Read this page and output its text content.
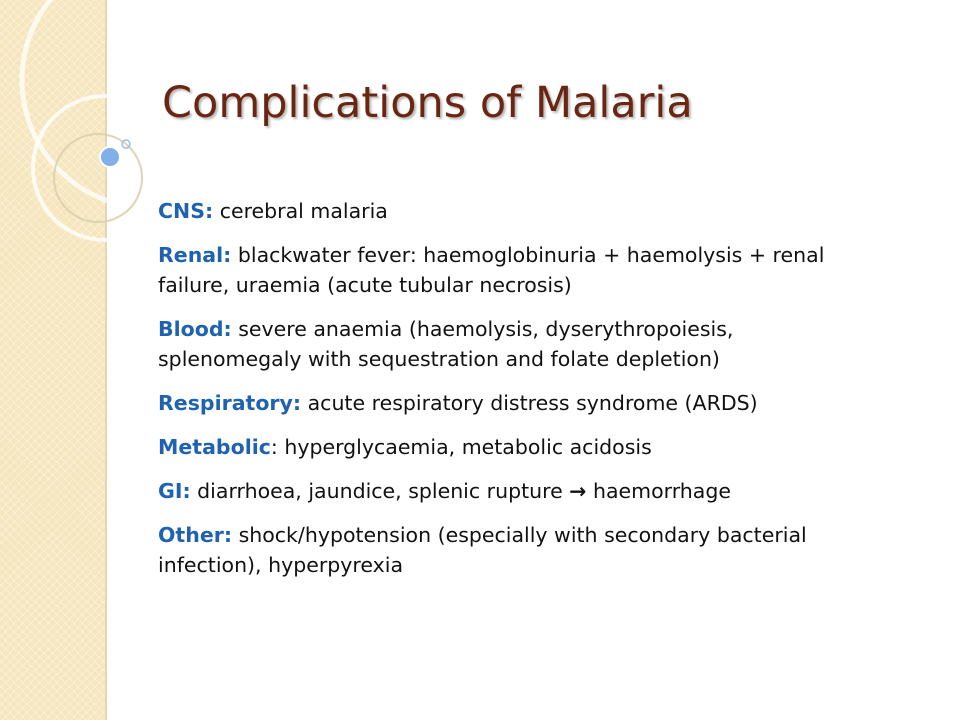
Complications of Malaria
CNS: cerebral malaria
Renal: blackwater fever: haemoglobinuria + haemolysis + renal failure, uraemia (acute tubular necrosis)
Blood: severe anaemia (haemolysis, dyserythropoiesis, splenomegaly with sequestration and folate depletion)
Respiratory: acute respiratory distress syndrome (ARDS)
Metabolic: hyperglycaemia, metabolic acidosis
GI: diarrhoea, jaundice, splenic rupture → haemorrhage
Other: shock/hypotension (especially with secondary bacterial infection), hyperpyrexia
